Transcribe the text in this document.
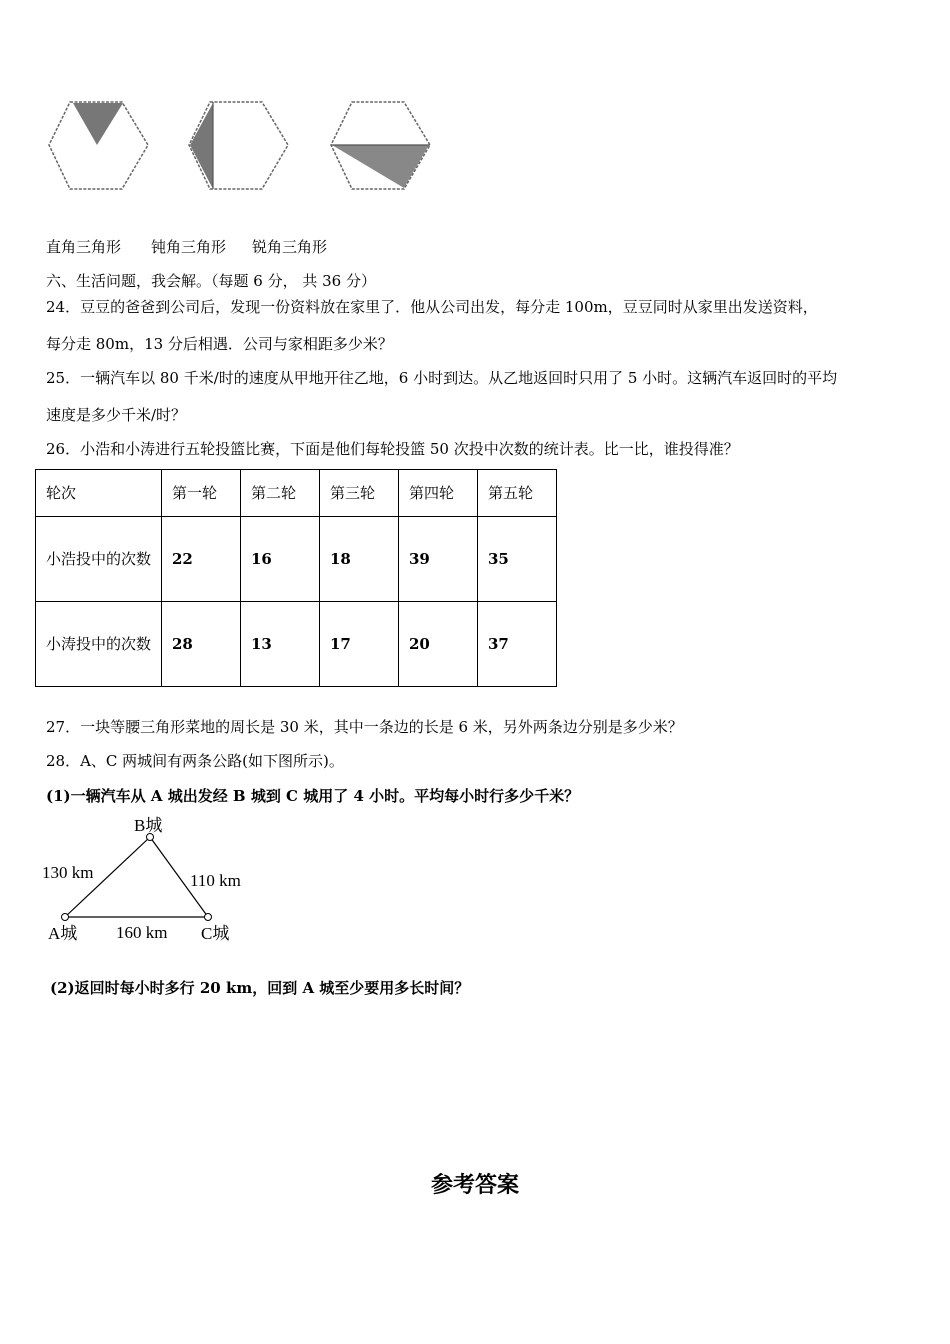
直角三角形 钝角三角形 锐角三角形
六、生活问题，我会解。（每题 6 分， 共 36 分）
24．豆豆的爸爸到公司后，发现一份资料放在家里了．他从公司出发，每分走 100m，豆豆同时从家里出发送资料，
每分走 80m，13 分后相遇．公司与家相距多少米？
25．一辆汽车以 80 千米/时的速度从甲地开往乙地，6 小时到达。从乙地返回时只用了 5 小时。这辆汽车返回时的平均
速度是多少千米/时？
26．小浩和小涛进行五轮投篮比赛，下面是他们每轮投篮 50 次投中次数的统计表。比一比，谁投得准？
轮次	第一轮	第二轮	第三轮	第四轮	第五轮
小浩投中的次数	22	16	18	39	35
小涛投中的次数	28	13	17	20	37
27．一块等腰三角形菜地的周长是 30 米，其中一条边的长是 6 米，另外两条边分别是多少米？
28．A、C 两城间有两条公路(如下图所示)。
(1)一辆汽车从 A 城出发经 B 城到 C 城用了 4 小时。平均每小时行多少千米？
B城
A城	C城
130 km	110 km
160 km
(2)返回时每小时多行 20 km，回到 A 城至少要用多长时间？
参考答案
